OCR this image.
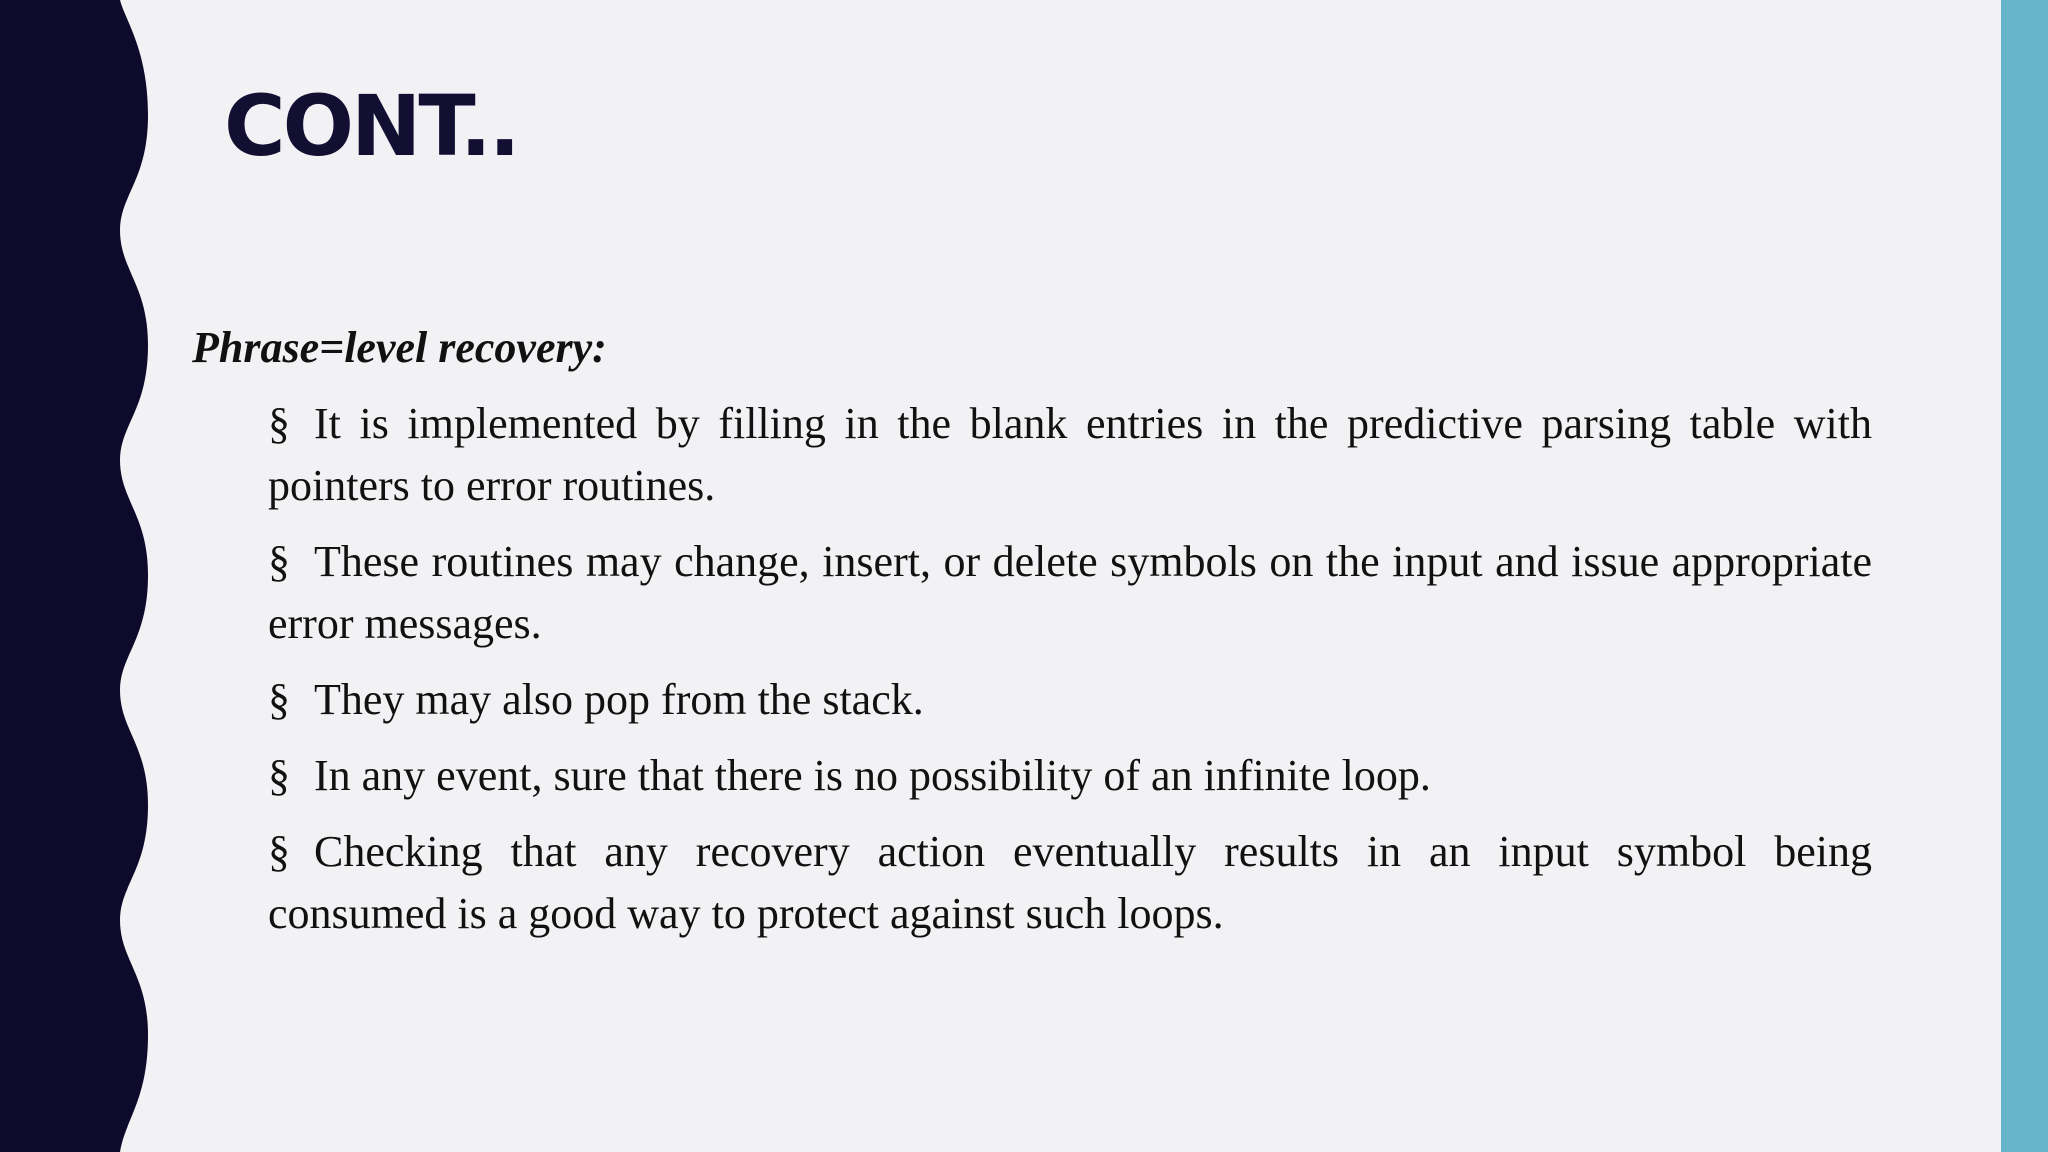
CONT..

Phrase=level recovery:

§ It is implemented by filling in the blank entries in the predictive parsing table with pointers to error routines.

§ These routines may change, insert, or delete symbols on the input and issue appropriate error messages.

§ They may also pop from the stack.

§ In any event, sure that there is no possibility of an infinite loop.

§ Checking that any recovery action eventually results in an input symbol being consumed is a good way to protect against such loops.
